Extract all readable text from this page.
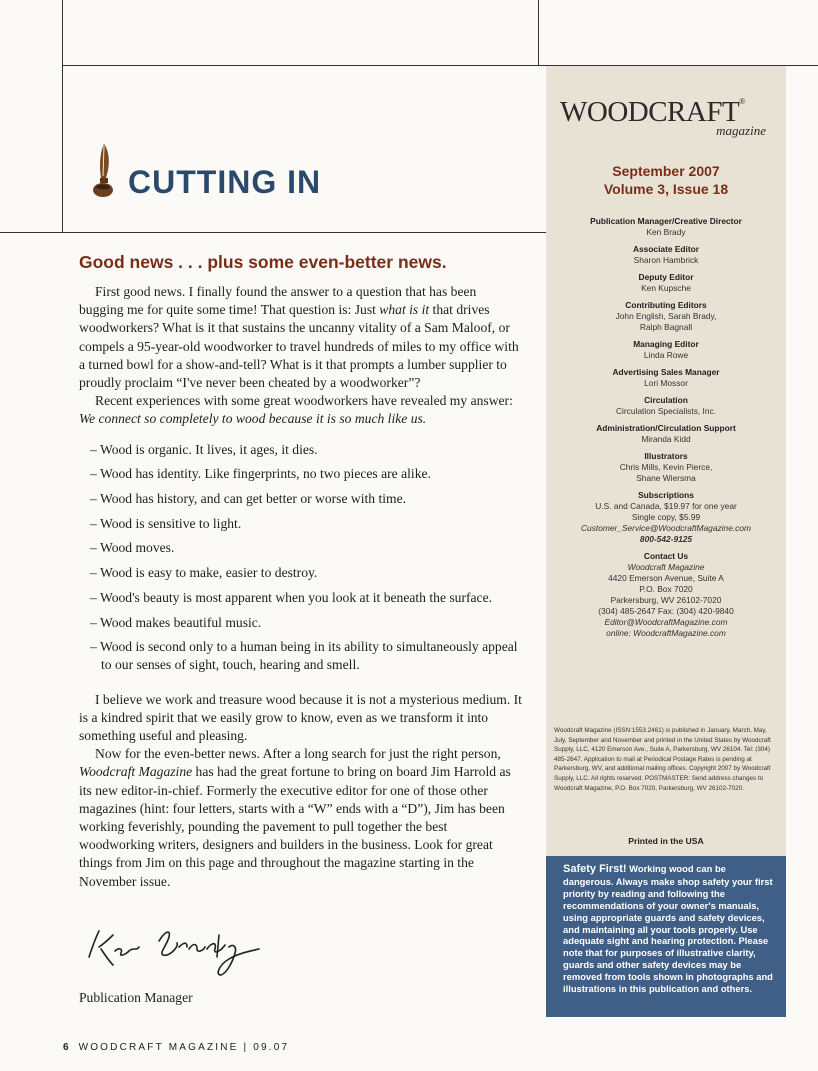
CUTTING IN
Good news . . . plus some even-better news.

First good news. I finally found the answer to a question that has been bugging me for quite some time! That question is: Just what is it that drives woodworkers? What is it that sustains the uncanny vitality of a Sam Maloof, or compels a 95-year-old woodworker to travel hundreds of miles to my office with a turned bowl for a show-and-tell? What is it that prompts a lumber supplier to proudly proclaim “I've never been cheated by a woodworker”?

Recent experiences with some great woodworkers have revealed my answer: We connect so completely to wood because it is so much like us.

– Wood is organic. It lives, it ages, it dies.
– Wood has identity. Like fingerprints, no two pieces are alike.
– Wood has history, and can get better or worse with time.
– Wood is sensitive to light.
– Wood moves.
– Wood is easy to make, easier to destroy.
– Wood's beauty is most apparent when you look at it beneath the surface.
– Wood makes beautiful music.
– Wood is second only to a human being in its ability to simultaneously appeal to our senses of sight, touch, hearing and smell.

I believe we work and treasure wood because it is not a mysterious medium. It is a kindred spirit that we easily grow to know, even as we transform it into something useful and pleasing.

Now for the even-better news. After a long search for just the right person, Woodcraft Magazine has had the great fortune to bring on board Jim Harrold as its new editor-in-chief. Formerly the executive editor for one of those other magazines (hint: four letters, starts with a “W” ends with a “D”), Jim has been working feverishly, pounding the pavement to pull together the best woodworking writers, designers and builders in the business. Look for great things from Jim on this page and throughout the magazine starting in the November issue.

Publication Manager
6 WOODCRAFT MAGAZINE | 09.07
WOODCRAFT®
magazine
September 2007
Volume 3, Issue 18
Publication Manager/Creative Director
Ken Brady
Associate Editor
Sharon Hambrick
Deputy Editor
Ken Kupsche
Contributing Editors
John English, Sarah Brady,
Ralph Bagnall
Managing Editor
Linda Rowe
Advertising Sales Manager
Lori Mossor
Circulation
Circulation Specialists, Inc.
Administration/Circulation Support
Miranda Kidd
Illustrators
Chris Mills, Kevin Pierce,
Shane Wiersma
Subscriptions
U.S. and Canada, $19.97 for one year
Single copy, $5.99
Customer_Service@WoodcraftMagazine.com
800-542-9125
Contact Us
Woodcraft Magazine
4420 Emerson Avenue, Suite A
P.O. Box 7020
Parkersburg, WV 26102-7020
(304) 485-2647 Fax: (304) 420-9840
Editor@WoodcraftMagazine.com
online: WoodcraftMagazine.com
Woodcraft Magazine (ISSN:1553.2461) is published in January, March, May, July, September and November and printed in the United States by Woodcraft Supply, LLC, 4120 Emerson Ave., Suite A, Parkersburg, WV 26104. Tel: (304) 485-2647. Application to mail at Periodical Postage Rates is pending at Parkersburg, WV, and additional mailing offices. Copyright 2007 by Woodcraft Supply, LLC. All rights reserved. POSTMASTER: Send address changes to Woodcraft Magazine, P.O. Box 7020, Parkersburg, WV 26102-7020.
Printed in the USA
Safety First! Working wood can be dangerous. Always make shop safety your first priority by reading and following the recommendations of your owner's manuals, using appropriate guards and safety devices, and maintaining all your tools properly. Use adequate sight and hearing protection. Please note that for purposes of illustrative clarity, guards and other safety devices may be removed from tools shown in photographs and illustrations in this publication and others.
